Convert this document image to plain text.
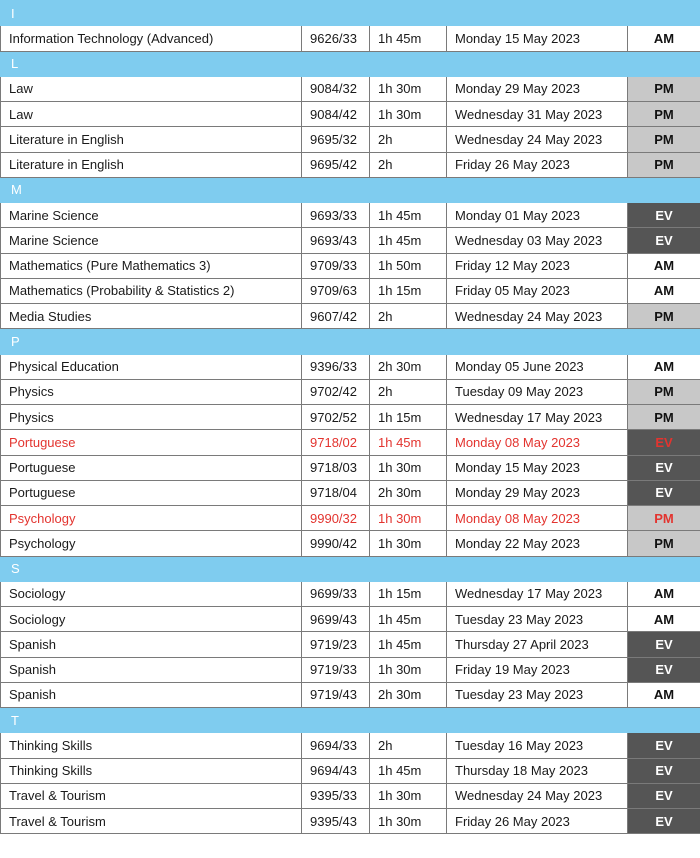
I				
Information Technology (Advanced)	9626/33	1h 45m	Monday 15 May 2023	AM
L				
Law	9084/32	1h 30m	Monday 29 May 2023	PM
Law	9084/42	1h 30m	Wednesday 31 May 2023	PM
Literature in English	9695/32	2h	Wednesday 24 May 2023	PM
Literature in English	9695/42	2h	Friday 26 May 2023	PM
M				
Marine Science	9693/33	1h 45m	Monday 01 May 2023	EV
Marine Science	9693/43	1h 45m	Wednesday 03 May 2023	EV
Mathematics (Pure Mathematics 3)	9709/33	1h 50m	Friday 12 May 2023	AM
Mathematics (Probability & Statistics 2)	9709/63	1h 15m	Friday 05 May 2023	AM
Media Studies	9607/42	2h	Wednesday 24 May 2023	PM
P				
Physical Education	9396/33	2h 30m	Monday 05 June 2023	AM
Physics	9702/42	2h	Tuesday 09 May 2023	PM
Physics	9702/52	1h 15m	Wednesday 17 May 2023	PM
Portuguese	9718/02	1h 45m	Monday 08 May 2023	EV
Portuguese	9718/03	1h 30m	Monday 15 May 2023	EV
Portuguese	9718/04	2h 30m	Monday 29 May 2023	EV
Psychology	9990/32	1h 30m	Monday 08 May 2023	PM
Psychology	9990/42	1h 30m	Monday 22 May 2023	PM
S				
Sociology	9699/33	1h 15m	Wednesday 17 May 2023	AM
Sociology	9699/43	1h 45m	Tuesday 23 May 2023	AM
Spanish	9719/23	1h 45m	Thursday 27 April 2023	EV
Spanish	9719/33	1h 30m	Friday 19 May 2023	EV
Spanish	9719/43	2h 30m	Tuesday 23 May 2023	AM
T				
Thinking Skills	9694/33	2h	Tuesday 16 May 2023	EV
Thinking Skills	9694/43	1h 45m	Thursday 18 May 2023	EV
Travel & Tourism	9395/33	1h 30m	Wednesday 24 May 2023	EV
Travel & Tourism	9395/43	1h 30m	Friday 26 May 2023	EV
